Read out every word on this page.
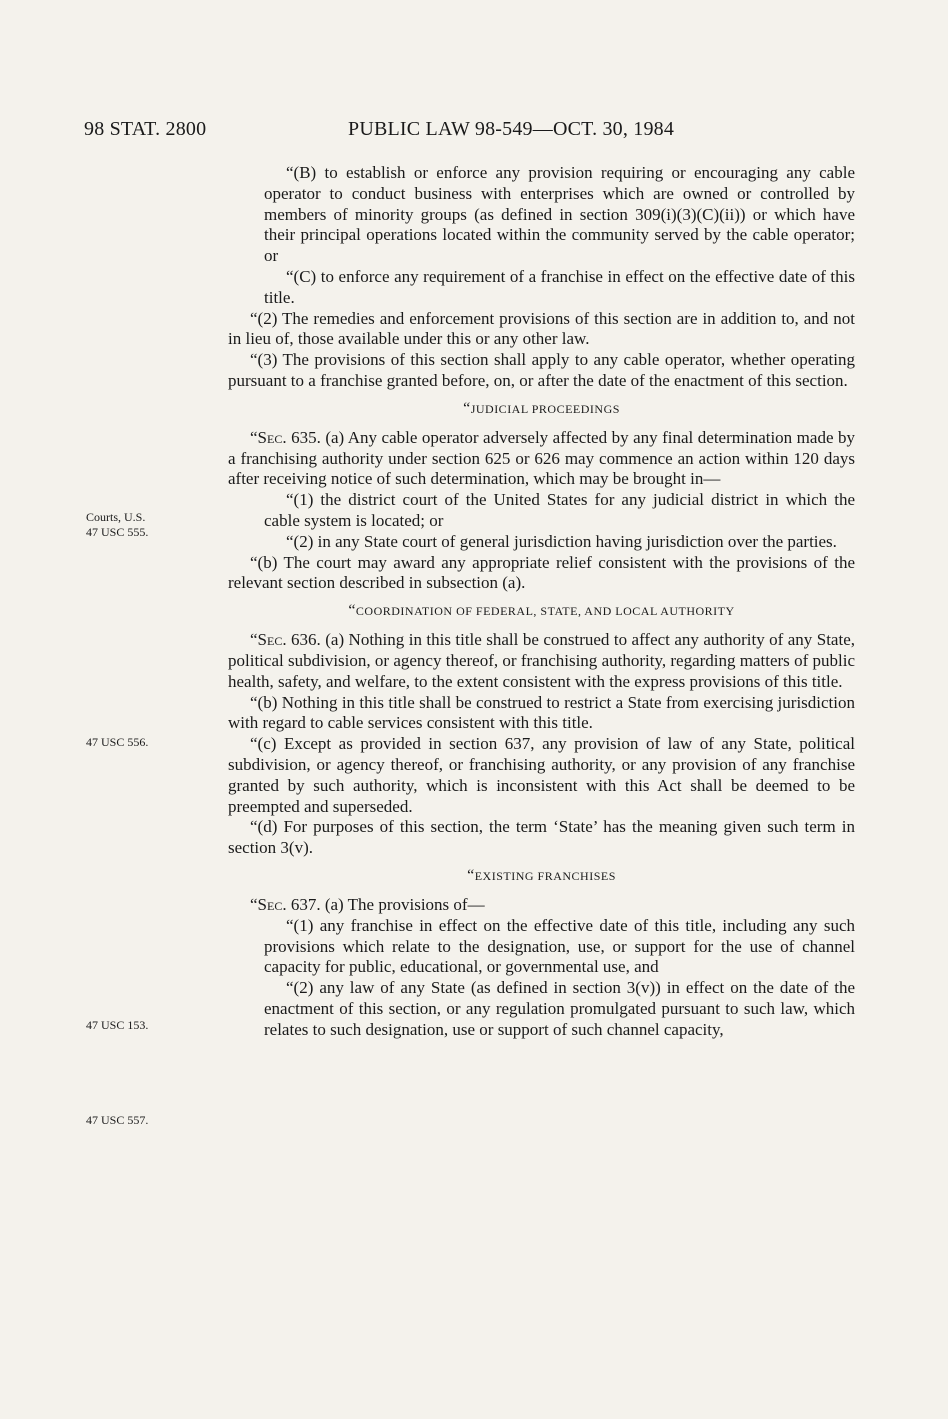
98 STAT. 2800	PUBLIC LAW 98-549—OCT. 30, 1984
Courts, U.S.
47 USC 555.
47 USC 556.
47 USC 153.
47 USC 557.

“(B) to establish or enforce any provision requiring or encouraging any cable operator to conduct business with enterprises which are owned or controlled by members of minority groups (as defined in section 309(i)(3)(C)(ii)) or which have their principal operations located within the community served by the cable operator; or

“(C) to enforce any requirement of a franchise in effect on the effective date of this title.

“(2) The remedies and enforcement provisions of this section are in addition to, and not in lieu of, those available under this or any other law.

“(3) The provisions of this section shall apply to any cable operator, whether operating pursuant to a franchise granted before, on, or after the date of the enactment of this section.

“JUDICIAL PROCEEDINGS

“Sec. 635. (a) Any cable operator adversely affected by any final determination made by a franchising authority under section 625 or 626 may commence an action within 120 days after receiving notice of such determination, which may be brought in—

“(1) the district court of the United States for any judicial district in which the cable system is located; or

“(2) in any State court of general jurisdiction having jurisdiction over the parties.

“(b) The court may award any appropriate relief consistent with the provisions of the relevant section described in subsection (a).

“COORDINATION OF FEDERAL, STATE, AND LOCAL AUTHORITY

“Sec. 636. (a) Nothing in this title shall be construed to affect any authority of any State, political subdivision, or agency thereof, or franchising authority, regarding matters of public health, safety, and welfare, to the extent consistent with the express provisions of this title.

“(b) Nothing in this title shall be construed to restrict a State from exercising jurisdiction with regard to cable services consistent with this title.

“(c) Except as provided in section 637, any provision of law of any State, political subdivision, or agency thereof, or franchising authority, or any provision of any franchise granted by such authority, which is inconsistent with this Act shall be deemed to be preempted and superseded.

“(d) For purposes of this section, the term ‘State’ has the meaning given such term in section 3(v).

“EXISTING FRANCHISES

“Sec. 637. (a) The provisions of—

“(1) any franchise in effect on the effective date of this title, including any such provisions which relate to the designation, use, or support for the use of channel capacity for public, educational, or governmental use, and

“(2) any law of any State (as defined in section 3(v)) in effect on the date of the enactment of this section, or any regulation promulgated pursuant to such law, which relates to such designation, use or support of such channel capacity,
